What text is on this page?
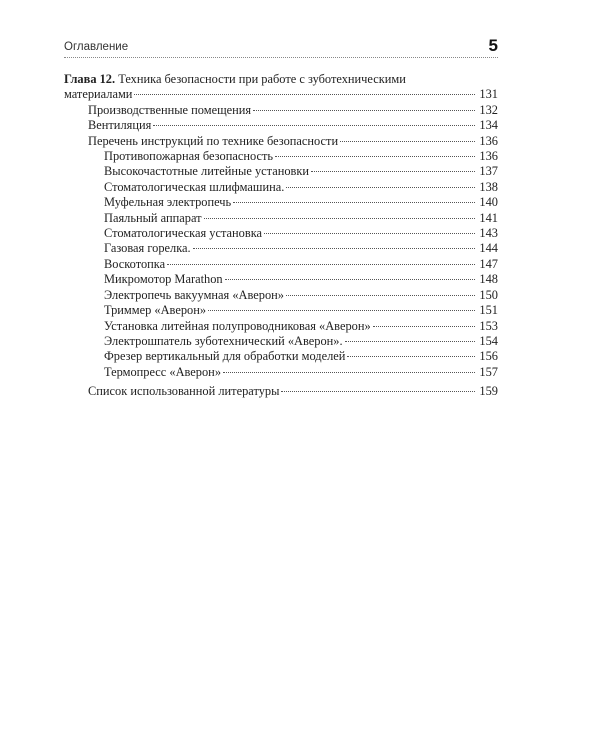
Оглавление	5
Глава 12. Техника безопасности при работе с зуботехническими
материалами	131
Производственные помещения	132
Вентиляция	134
Перечень инструкций по технике безопасности	136
Противопожарная безопасность	136
Высокочастотные литейные установки	137
Стоматологическая шлифмашина.	138
Муфельная электропечь	140
Паяльный аппарат	141
Стоматологическая установка	143
Газовая горелка.	144
Воскотопка	147
Микромотор Marathon	148
Электропечь вакуумная «Аверон»	150
Триммер «Аверон»	151
Установка литейная полупроводниковая «Аверон»	153
Электрошпатель зуботехнический «Аверон».	154
Фрезер вертикальный для обработки моделей	156
Термопресс «Аверон»	157
Список использованной литературы	159
